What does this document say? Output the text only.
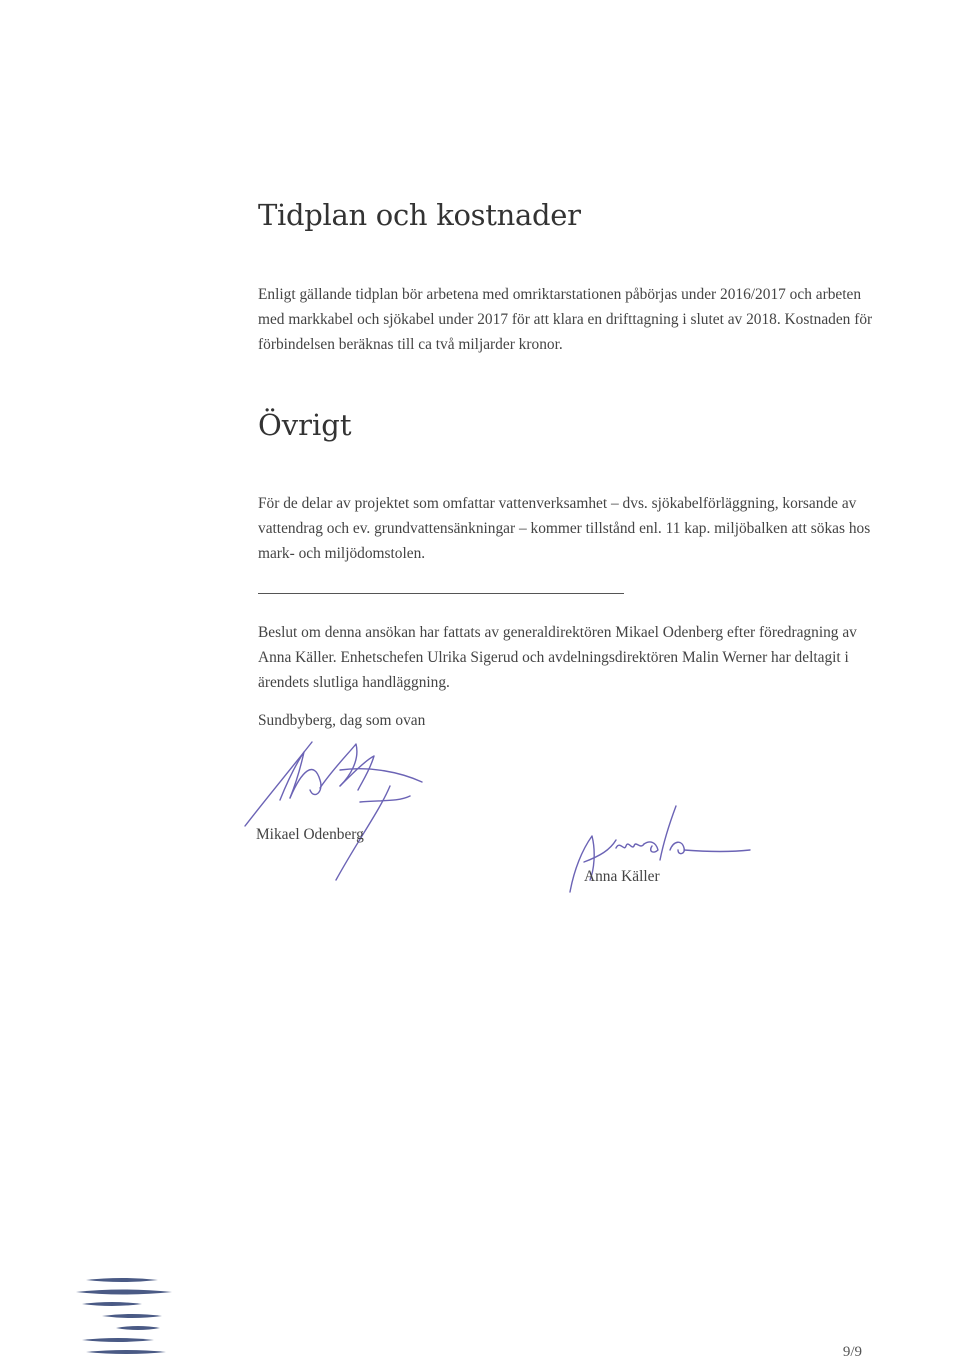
Tidplan och kostnader

Enligt gällande tidplan bör arbetena med omriktarstationen påbörjas under 2016/2017 och arbeten med markkabel och sjökabel under 2017 för att klara en drifttagning i slutet av 2018. Kostnaden för förbindelsen beräknas till ca två miljarder kronor.

Övrigt

För de delar av projektet som omfattar vattenverksamhet – dvs. sjökabelförläggning, korsande av vattendrag och ev. grundvattensänkningar – kommer tillstånd enl. 11 kap. miljöbalken att sökas hos mark- och miljödomstolen.

Beslut om denna ansökan har fattats av generaldirektören Mikael Odenberg efter föredragning av Anna Käller. Enhetschefen Ulrika Sigerud och avdelningsdirektören Malin Werner har deltagit i ärendets slutliga handläggning.

Sundbyberg, dag som ovan

Mikael Odenberg

Anna Käller

9/9
